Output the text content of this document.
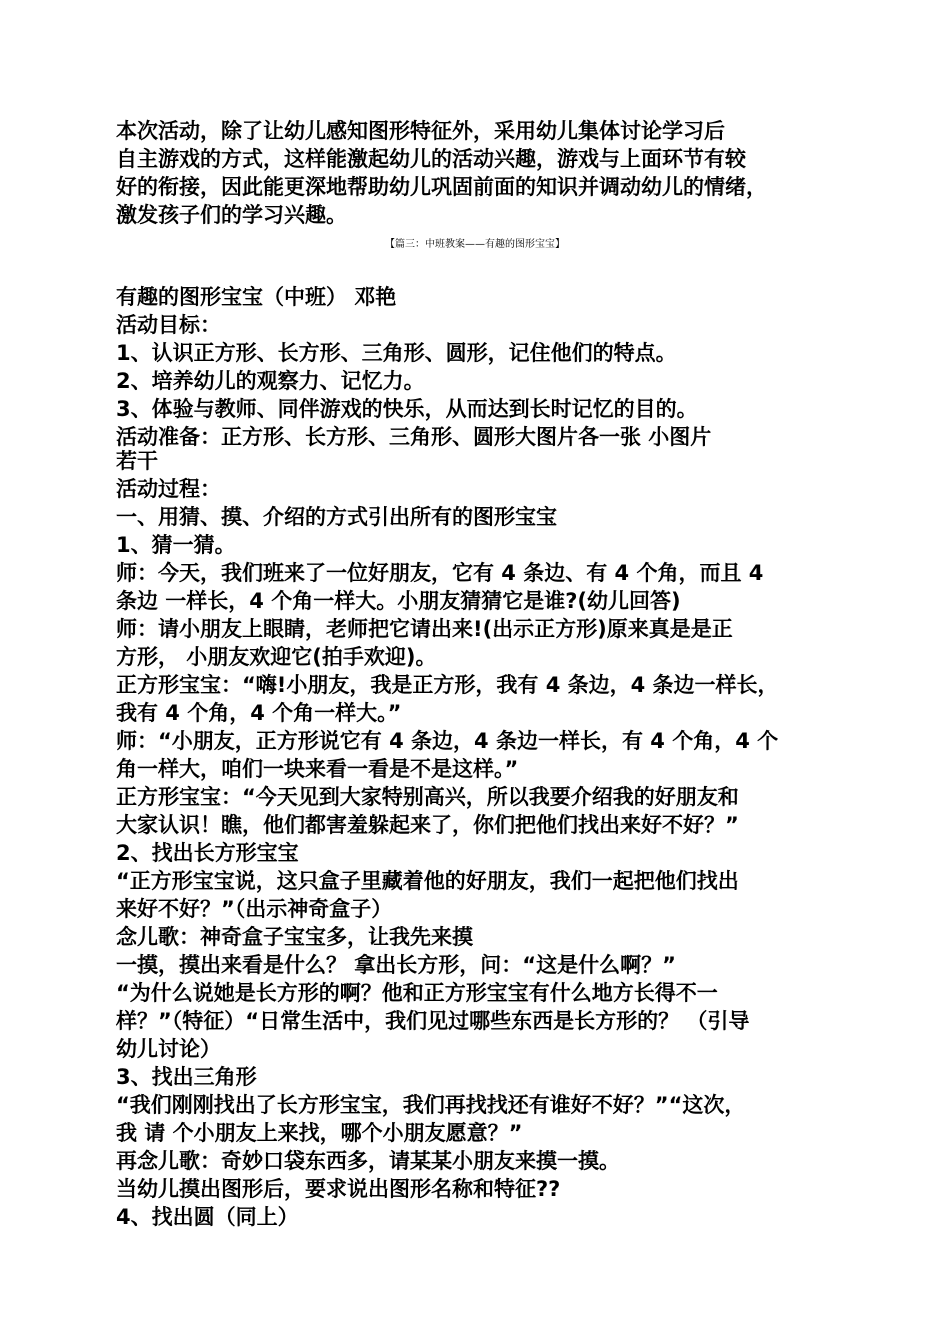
本次活动，除了让幼儿感知图形特征外，采用幼儿集体讨论学习后
自主游戏的方式，这样能激起幼儿的活动兴趣，游戏与上面环节有较
好的衔接，因此能更深地帮助幼儿巩固前面的知识并调动幼儿的情绪，
激发孩子们的学习兴趣。
【篇三：中班教案——有趣的图形宝宝】
有趣的图形宝宝（中班） 邓艳
活动目标：
1、认识正方形、长方形、三角形、圆形，记住他们的特点。
2、培养幼儿的观察力、记忆力。
3、体验与教师、同伴游戏的快乐，从而达到长时记忆的目的。
活动准备：正方形、长方形、三角形、圆形大图片各一张 小图片
若干
活动过程：
一、用猜、摸、介绍的方式引出所有的图形宝宝
1、猜一猜。
师：今天，我们班来了一位好朋友，它有 4 条边、有 4 个角，而且 4
条边 一样长，4 个角一样大。小朋友猜猜它是谁?(幼儿回答)
师：请小朋友上眼睛，老师把它请出来!(出示正方形)原来真是是正
方形， 小朋友欢迎它(拍手欢迎)。
正方形宝宝：“嗨!小朋友，我是正方形，我有 4 条边，4 条边一样长，
我有 4 个角，4 个角一样大。”
师：“小朋友，正方形说它有 4 条边，4 条边一样长，有 4 个角，4 个
角一样大，咱们一块来看一看是不是这样。”
正方形宝宝：“今天见到大家特别高兴，所以我要介绍我的好朋友和
大家认识！瞧，他们都害羞躲起来了，你们把他们找出来好不好？”
2、找出长方形宝宝
“正方形宝宝说，这只盒子里藏着他的好朋友，我们一起把他们找出
来好不好？”（出示神奇盒子）
念儿歌：神奇盒子宝宝多，让我先来摸
一摸，摸出来看是什么？ 拿出长方形，问：“这是什么啊？”
“为什么说她是长方形的啊？他和正方形宝宝有什么地方长得不一
样？”（特征）“日常生活中，我们见过哪些东西是长方形的？ （引导
幼儿讨论）
3、找出三角形
“我们刚刚找出了长方形宝宝，我们再找找还有谁好不好？”“这次，
我 请 个小朋友上来找，哪个小朋友愿意？”
再念儿歌：奇妙口袋东西多，请某某小朋友来摸一摸。
当幼儿摸出图形后，要求说出图形名称和特征??
4、找出圆（同上）
